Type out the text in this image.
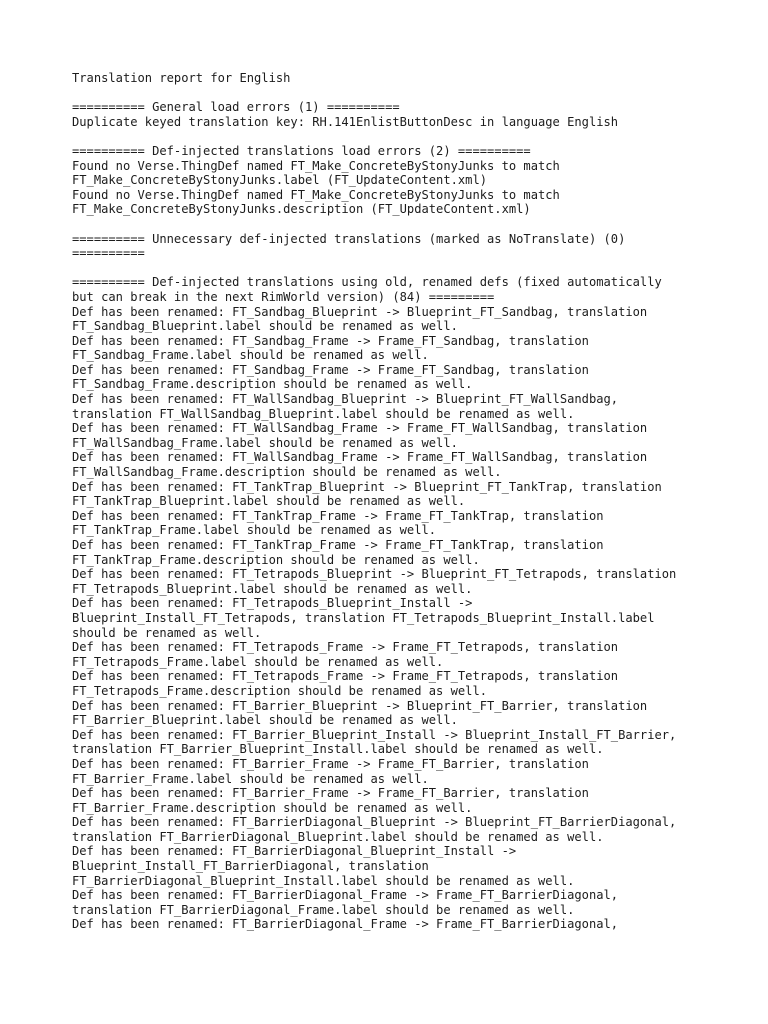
Translation report for English
========== General load errors (1) ==========
Duplicate keyed translation key: RH.141EnlistButtonDesc in language English
========== Def-injected translations load errors (2) ==========
Found no Verse.ThingDef named FT_Make_ConcreteByStonyJunks to match
FT_Make_ConcreteByStonyJunks.label (FT_UpdateContent.xml)
Found no Verse.ThingDef named FT_Make_ConcreteByStonyJunks to match
FT_Make_ConcreteByStonyJunks.description (FT_UpdateContent.xml)
========== Unnecessary def-injected translations (marked as NoTranslate) (0)
==========
========== Def-injected translations using old, renamed defs (fixed automatically
but can break in the next RimWorld version) (84) =========
Def has been renamed: FT_Sandbag_Blueprint -> Blueprint_FT_Sandbag, translation
FT_Sandbag_Blueprint.label should be renamed as well.
Def has been renamed: FT_Sandbag_Frame -> Frame_FT_Sandbag, translation
FT_Sandbag_Frame.label should be renamed as well.
Def has been renamed: FT_Sandbag_Frame -> Frame_FT_Sandbag, translation
FT_Sandbag_Frame.description should be renamed as well.
Def has been renamed: FT_WallSandbag_Blueprint -> Blueprint_FT_WallSandbag,
translation FT_WallSandbag_Blueprint.label should be renamed as well.
Def has been renamed: FT_WallSandbag_Frame -> Frame_FT_WallSandbag, translation
FT_WallSandbag_Frame.label should be renamed as well.
Def has been renamed: FT_WallSandbag_Frame -> Frame_FT_WallSandbag, translation
FT_WallSandbag_Frame.description should be renamed as well.
Def has been renamed: FT_TankTrap_Blueprint -> Blueprint_FT_TankTrap, translation
FT_TankTrap_Blueprint.label should be renamed as well.
Def has been renamed: FT_TankTrap_Frame -> Frame_FT_TankTrap, translation
FT_TankTrap_Frame.label should be renamed as well.
Def has been renamed: FT_TankTrap_Frame -> Frame_FT_TankTrap, translation
FT_TankTrap_Frame.description should be renamed as well.
Def has been renamed: FT_Tetrapods_Blueprint -> Blueprint_FT_Tetrapods, translation
FT_Tetrapods_Blueprint.label should be renamed as well.
Def has been renamed: FT_Tetrapods_Blueprint_Install ->
Blueprint_Install_FT_Tetrapods, translation FT_Tetrapods_Blueprint_Install.label
should be renamed as well.
Def has been renamed: FT_Tetrapods_Frame -> Frame_FT_Tetrapods, translation
FT_Tetrapods_Frame.label should be renamed as well.
Def has been renamed: FT_Tetrapods_Frame -> Frame_FT_Tetrapods, translation
FT_Tetrapods_Frame.description should be renamed as well.
Def has been renamed: FT_Barrier_Blueprint -> Blueprint_FT_Barrier, translation
FT_Barrier_Blueprint.label should be renamed as well.
Def has been renamed: FT_Barrier_Blueprint_Install -> Blueprint_Install_FT_Barrier,
translation FT_Barrier_Blueprint_Install.label should be renamed as well.
Def has been renamed: FT_Barrier_Frame -> Frame_FT_Barrier, translation
FT_Barrier_Frame.label should be renamed as well.
Def has been renamed: FT_Barrier_Frame -> Frame_FT_Barrier, translation
FT_Barrier_Frame.description should be renamed as well.
Def has been renamed: FT_BarrierDiagonal_Blueprint -> Blueprint_FT_BarrierDiagonal,
translation FT_BarrierDiagonal_Blueprint.label should be renamed as well.
Def has been renamed: FT_BarrierDiagonal_Blueprint_Install ->
Blueprint_Install_FT_BarrierDiagonal, translation
FT_BarrierDiagonal_Blueprint_Install.label should be renamed as well.
Def has been renamed: FT_BarrierDiagonal_Frame -> Frame_FT_BarrierDiagonal,
translation FT_BarrierDiagonal_Frame.label should be renamed as well.
Def has been renamed: FT_BarrierDiagonal_Frame -> Frame_FT_BarrierDiagonal,
